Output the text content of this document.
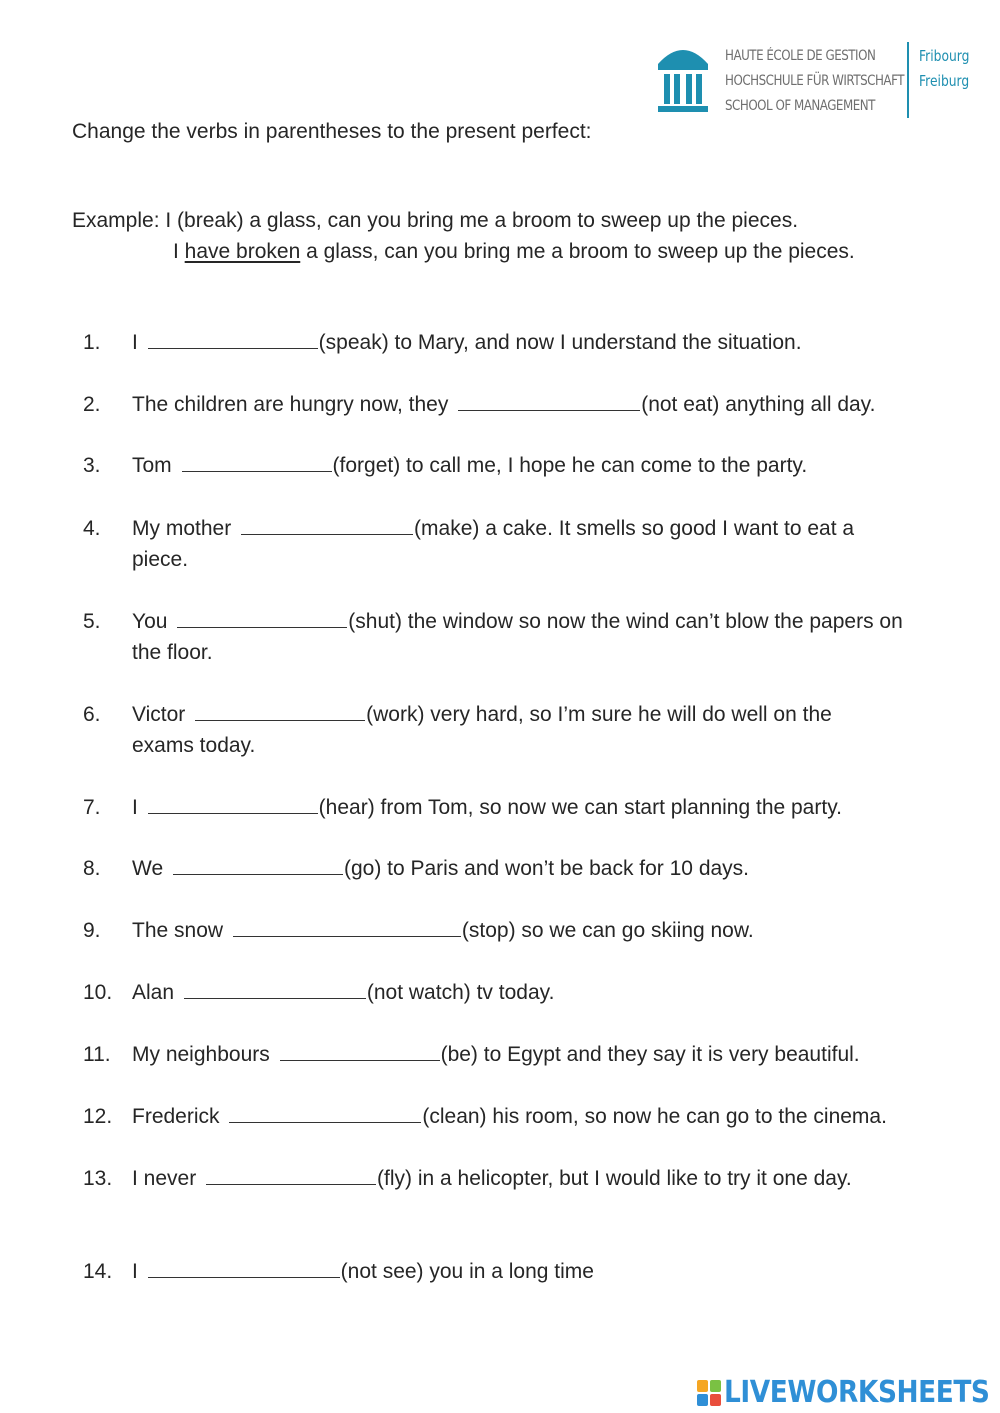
HAUTE ÉCOLE DE GESTION
HOCHSCHULE FÜR WIRTSCHAFT
SCHOOL OF MANAGEMENT
Fribourg
Freiburg
Change the verbs in parentheses to the present perfect:
Example: I (break) a glass, can you bring me a broom to sweep up the pieces.
I have broken a glass, can you bring me a broom to sweep up the pieces.
1.	I	(speak) to Mary, and now I understand the situation.
2.	The children are hungry now, they	(not eat) anything all day.
3.	Tom	(forget) to call me, I hope he can come to the party.
4.	My mother	(make) a cake. It smells so good I want to eat a piece.
5.	You	(shut) the window so now the wind can’t blow the papers on the floor.
6.	Victor	(work) very hard, so I’m sure he will do well on the exams today.
7.	I	(hear) from Tom, so now we can start planning the party.
8.	We	(go) to Paris and won’t be back for 10 days.
9.	The snow	(stop) so we can go skiing now.
10. Alan	(not watch) tv today.
11.	My neighbours	(be) to Egypt and they say it is very beautiful.
12. Frederick	(clean) his room, so now he can go to the cinema.
13. I never	(fly) in a helicopter, but I would like to try it one day.
14. I	(not see) you in a long time
LIVEWORKSHEETS
